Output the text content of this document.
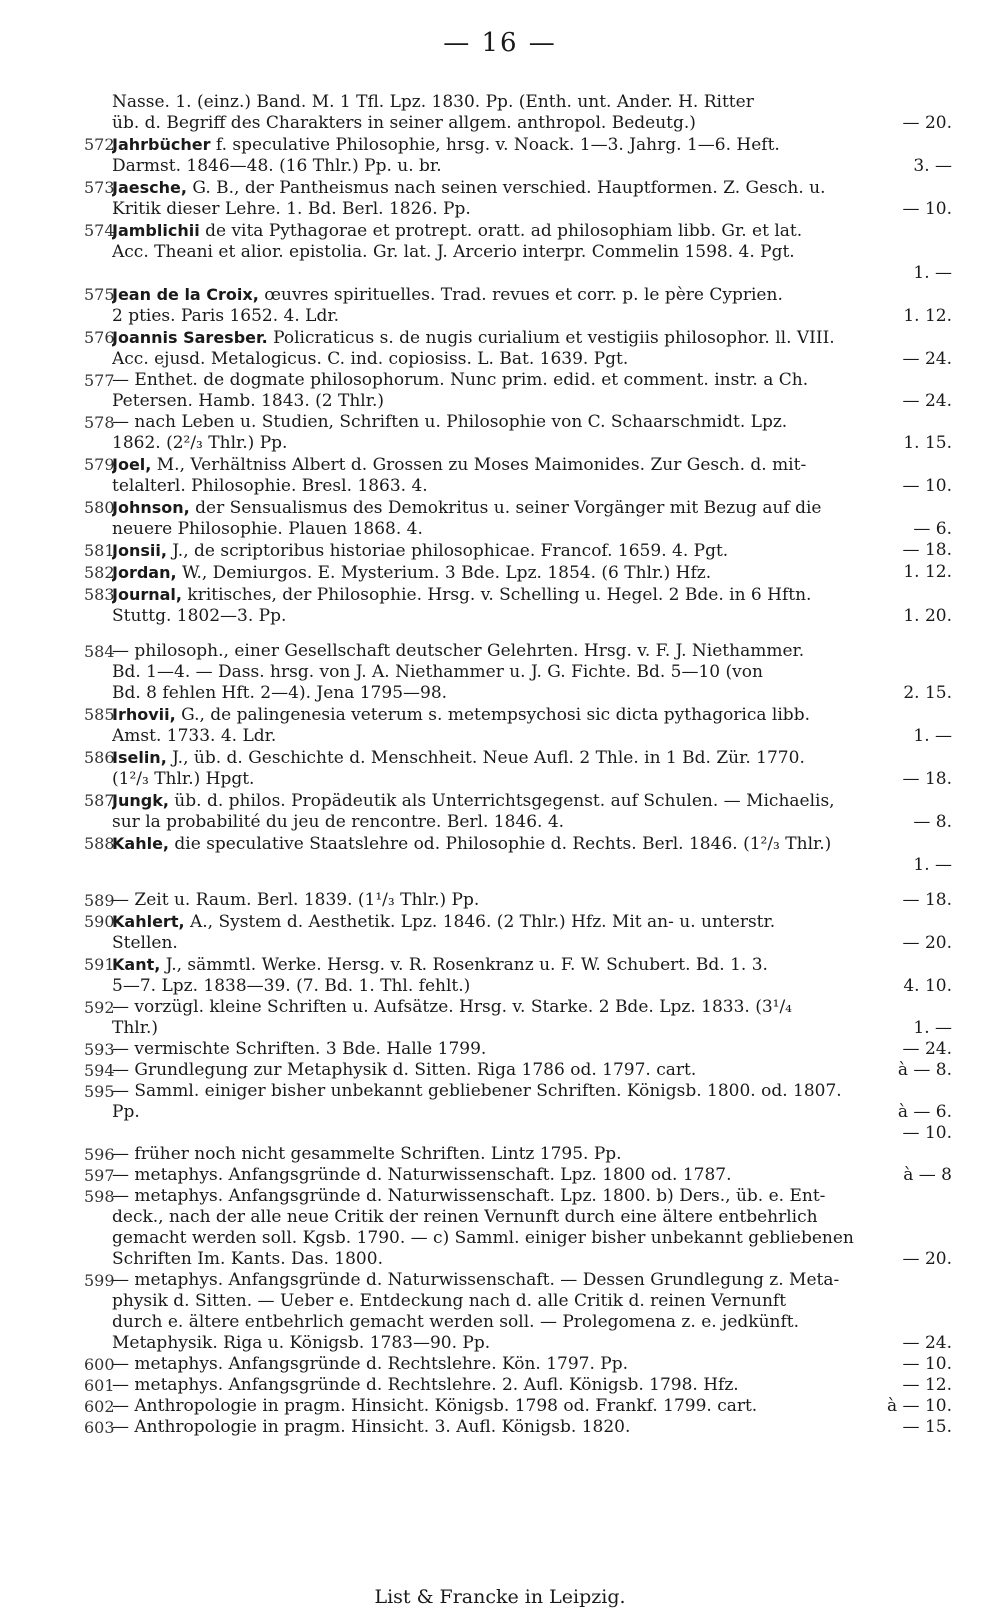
— 16 —
Nasse. 1. (einz.) Band. M. 1 Tfl. Lpz. 1830. Pp. (Enth. unt. Ander. H. Ritter
üb. d. Begriff des Charakters in seiner allgem. anthropol. Bedeutg.)	— 20.
572
Jahrbücher f. speculative Philosophie, hrsg. v. Noack. 1—3. Jahrg. 1—6. Heft.
Darmst. 1846—48. (16 Thlr.) Pp. u. br.	3. —
573
Jaesche, G. B., der Pantheismus nach seinen verschied. Hauptformen. Z. Gesch. u.
Kritik dieser Lehre. 1. Bd. Berl. 1826. Pp.	— 10.
574
Jamblichii de vita Pythagorae et protrept. oratt. ad philosophiam libb. Gr. et lat.
Acc. Theani et alior. epistolia. Gr. lat. J. Arcerio interpr. Commelin 1598. 4. Pgt.
1. —
575
Jean de la Croix, œuvres spirituelles. Trad. revues et corr. p. le père Cyprien.
2 pties. Paris 1652. 4. Ldr.	1. 12.
576
Joannis Saresber. Policraticus s. de nugis curialium et vestigiis philosophor. ll. VIII.
Acc. ejusd. Metalogicus. C. ind. copiosiss. L. Bat. 1639. Pgt.	— 24.
577
— Enthet. de dogmate philosophorum. Nunc prim. edid. et comment. instr. a Ch.
Petersen. Hamb. 1843. (2 Thlr.)	— 24.
578
— nach Leben u. Studien, Schriften u. Philosophie von C. Schaarschmidt. Lpz.
1862. (2²/₃ Thlr.) Pp.	1. 15.
579
Joel, M., Verhältniss Albert d. Grossen zu Moses Maimonides. Zur Gesch. d. mit-
telalterl. Philosophie. Bresl. 1863. 4.	— 10.
580
Johnson, der Sensualismus des Demokritus u. seiner Vorgänger mit Bezug auf die
neuere Philosophie. Plauen 1868. 4.	— 6.
581
Jonsii, J., de scriptoribus historiae philosophicae. Francof. 1659. 4. Pgt.	— 18.
582
Jordan, W., Demiurgos. E. Mysterium. 3 Bde. Lpz. 1854. (6 Thlr.) Hfz.	1. 12.
583
Journal, kritisches, der Philosophie. Hrsg. v. Schelling u. Hegel. 2 Bde. in 6 Hftn.
Stuttg. 1802—3. Pp.	1. 20.
584
— philosoph., einer Gesellschaft deutscher Gelehrten. Hrsg. v. F. J. Niethammer.
Bd. 1—4. — Dass. hrsg. von J. A. Niethammer u. J. G. Fichte. Bd. 5—10 (von
Bd. 8 fehlen Hft. 2—4). Jena 1795—98.	2. 15.
585
Irhovii, G., de palingenesia veterum s. metempsychosi sic dicta pythagorica libb.
Amst. 1733. 4. Ldr.	1. —
586
Iselin, J., üb. d. Geschichte d. Menschheit. Neue Aufl. 2 Thle. in 1 Bd. Zür. 1770.
(1²/₃ Thlr.) Hpgt.	— 18.
587
Jungk, üb. d. philos. Propädeutik als Unterrichtsgegenst. auf Schulen. — Michaelis,
sur la probabilité du jeu de rencontre. Berl. 1846. 4.	— 8.
588
Kahle, die speculative Staatslehre od. Philosophie d. Rechts. Berl. 1846. (1²/₃ Thlr.)
1. —
589
— Zeit u. Raum. Berl. 1839. (1¹/₃ Thlr.) Pp.	— 18.
590
Kahlert, A., System d. Aesthetik. Lpz. 1846. (2 Thlr.) Hfz. Mit an- u. unterstr.
Stellen.	— 20.
591
Kant, J., sämmtl. Werke. Hersg. v. R. Rosenkranz u. F. W. Schubert. Bd. 1. 3.
5—7. Lpz. 1838—39. (7. Bd. 1. Thl. fehlt.)	4. 10.
592
— vorzügl. kleine Schriften u. Aufsätze. Hrsg. v. Starke. 2 Bde. Lpz. 1833. (3¹/₄
Thlr.)	1. —
593
— vermischte Schriften. 3 Bde. Halle 1799.	— 24.
594
— Grundlegung zur Metaphysik d. Sitten. Riga 1786 od. 1797. cart.	à — 8.
595
— Samml. einiger bisher unbekannt gebliebener Schriften. Königsb. 1800. od. 1807.
Pp.	à — 6.
— 10.
596
— früher noch nicht gesammelte Schriften. Lintz 1795. Pp.
597
— metaphys. Anfangsgründe d. Naturwissenschaft. Lpz. 1800 od. 1787.	à — 8
598
— metaphys. Anfangsgründe d. Naturwissenschaft. Lpz. 1800. b) Ders., üb. e. Ent-
deck., nach der alle neue Critik der reinen Vernunft durch eine ältere entbehrlich
gemacht werden soll. Kgsb. 1790. — c) Samml. einiger bisher unbekannt gebliebenen
Schriften Im. Kants. Das. 1800.	— 20.
599
— metaphys. Anfangsgründe d. Naturwissenschaft. — Dessen Grundlegung z. Meta-
physik d. Sitten. — Ueber e. Entdeckung nach d. alle Critik d. reinen Vernunft
durch e. ältere entbehrlich gemacht werden soll. — Prolegomena z. e. jedkünft.
Metaphysik. Riga u. Königsb. 1783—90. Pp.	— 24.
600
— metaphys. Anfangsgründe d. Rechtslehre. Kön. 1797. Pp.	— 10.
601
— metaphys. Anfangsgründe d. Rechtslehre. 2. Aufl. Königsb. 1798. Hfz.	— 12.
602
— Anthropologie in pragm. Hinsicht. Königsb. 1798 od. Frankf. 1799. cart.	à — 10.
603
— Anthropologie in pragm. Hinsicht. 3. Aufl. Königsb. 1820.	— 15.
List & Francke in Leipzig.
